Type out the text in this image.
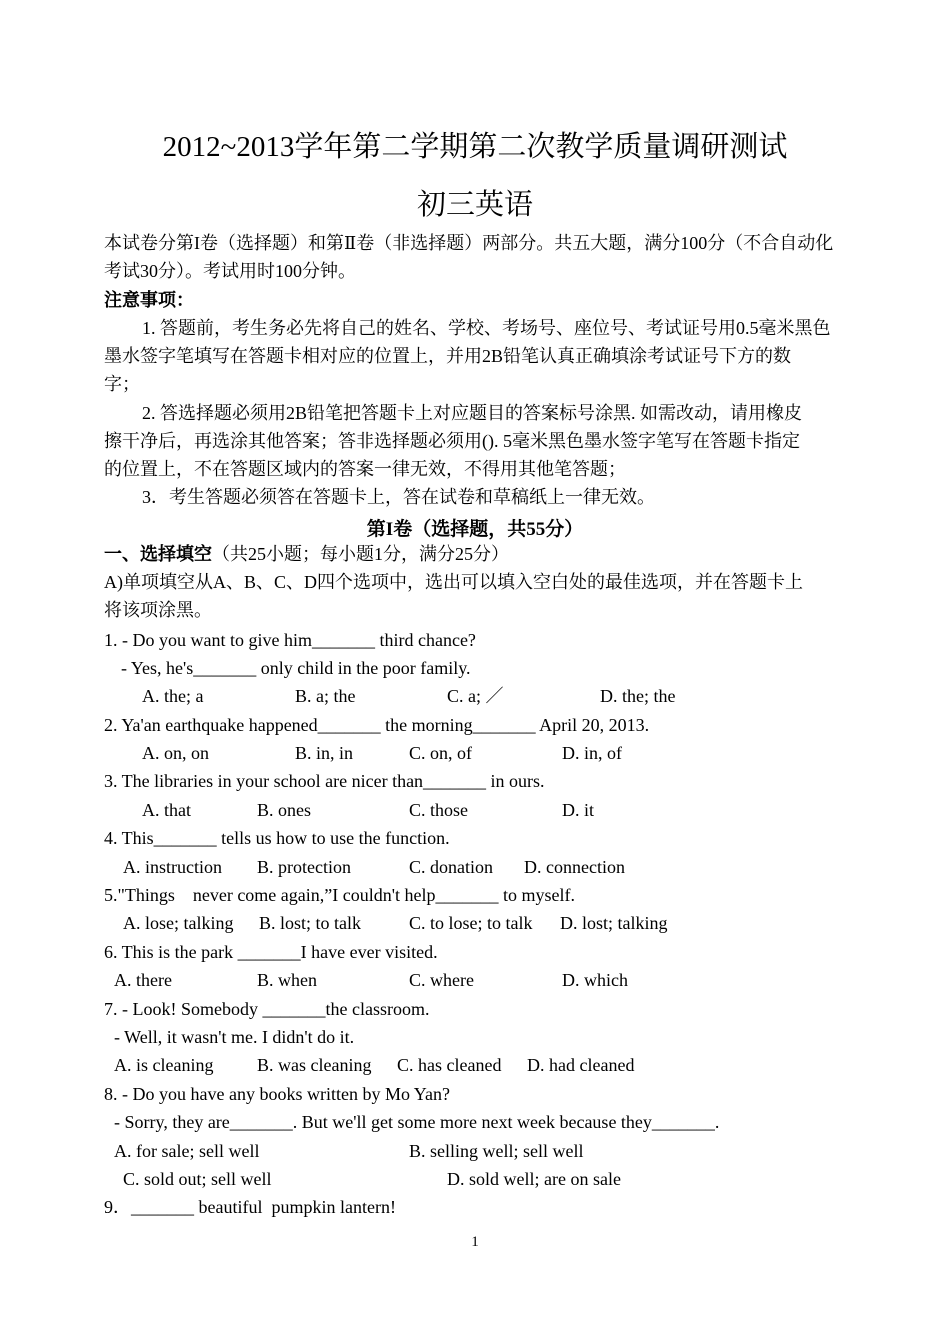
2012~2013学年第二学期第二次教学质量调研测试
初三英语
本试卷分第I卷（选择题）和第Ⅱ卷（非选择题）两部分。共五大题，满分100分（不合自动化
考试30分）。考试用时100分钟。
注意事项：
1. 答题前，考生务必先将自己的姓名、学校、考场号、座位号、考试证号用0.5毫米黑色
墨水签字笔填写在答题卡相对应的位置上，并用2B铅笔认真正确填涂考试证号下方的数
字；
2. 答选择题必须用2B铅笔把答题卡上对应题目的答案标号涂黑. 如需改动，请用橡皮
擦干净后，再选涂其他答案；答非选择题必须用(). 5毫米黑色墨水签字笔写在答题卡指定
的位置上，不在答题区域内的答案一律无效，不得用其他笔答题；
3．考生答题必须答在答题卡上，答在试卷和草稿纸上一律无效。
第I卷（选择题，共55分）
一、选择填空（共25小题；每小题1分，满分25分）
A)单项填空从A、B、C、D四个选项中，选出可以填入空白处的最佳选项，并在答题卡上
将该项涂黑。
1. - Do you want to give him_______ third chance?
- Yes, he's_______ only child in the poor family.
A. the; a	B. a; the	C. a; ／	D. the; the
2. Ya'an earthquake happened_______ the morning_______ April 20, 2013.
A. on, on	B. in, in	C. on, of	D. in, of
3. The libraries in your school are nicer than_______ in ours.
A. that	B. ones	C. those	D. it
4. This_______ tells us how to use the function.
A. instruction B. protection	C. donation D. connection
5."Things    never come again,”I couldn't help_______ to myself.
A. lose; talking B. lost; to talk	C. to lose; to talk D. lost; talking
6. This is the park _______I have ever visited.
A. there	B. when	C. where	D. which
7. - Look! Somebody _______the classroom.
- Well, it wasn't me. I didn't do it.
A. is cleaning B. was cleaning C. has cleaned D. had cleaned
8. - Do you have any books written by Mo Yan?
- Sorry, they are_______. But we'll get some more next week because they_______.
A. for sale; sell well	B. selling well; sell well
C. sold out; sell well	D. sold well; are on sale
9．_______ beautiful  pumpkin lantern!
1
